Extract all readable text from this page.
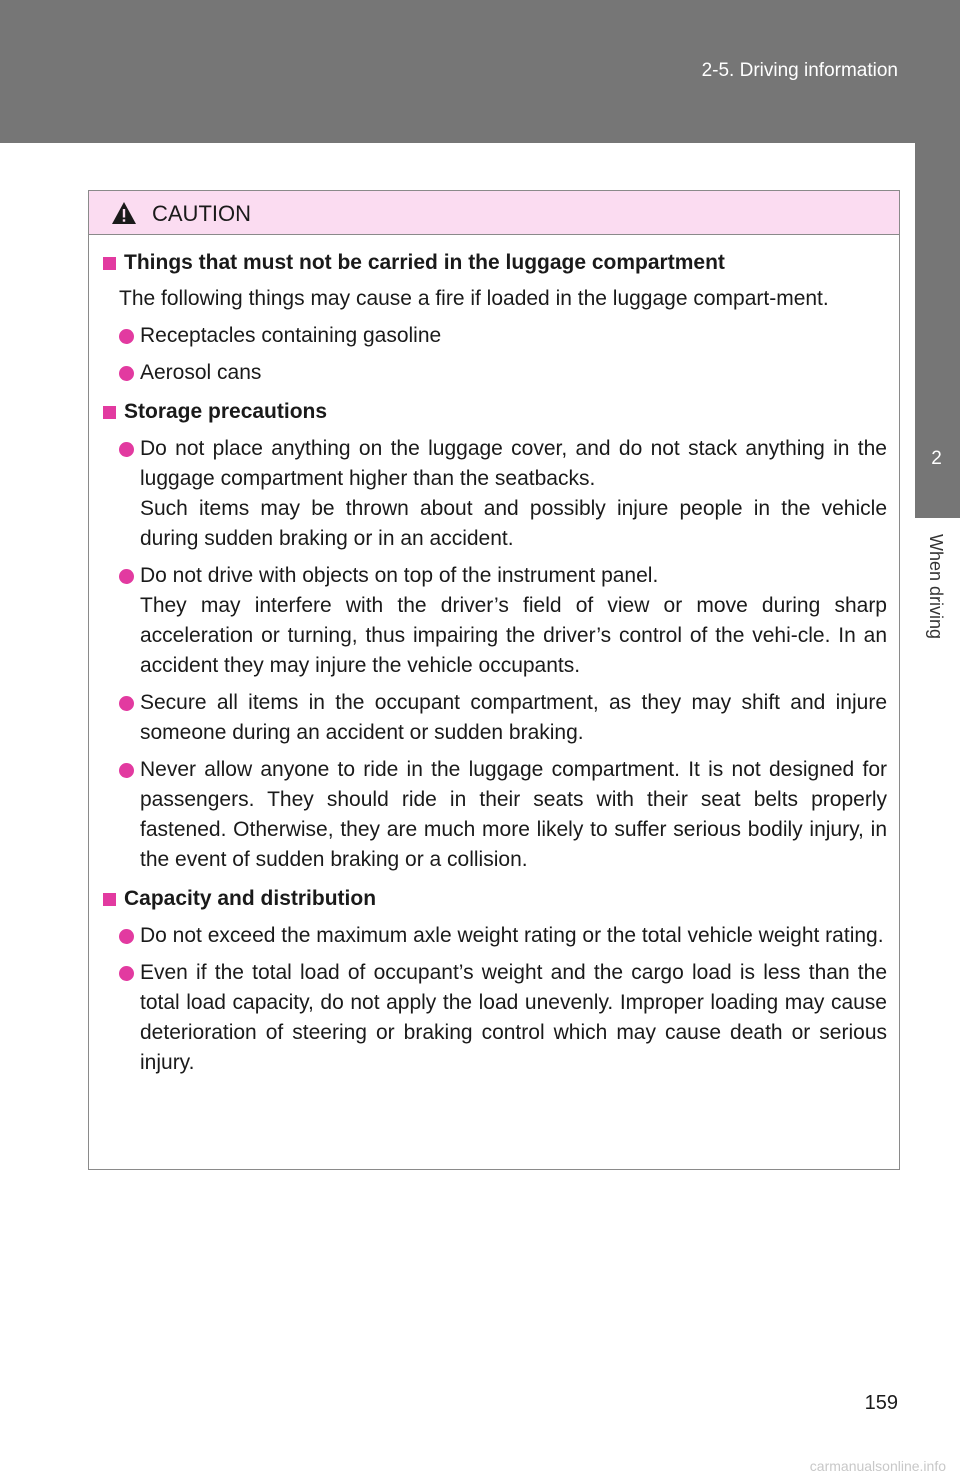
2-5. Driving information
2
When driving
CAUTION
Things that must not be carried in the luggage compartment
The following things may cause a fire if loaded in the luggage compart-ment.

Receptacles containing gasoline

Aerosol cans

Storage precautions

Do not place anything on the luggage cover, and do not stack anything in the luggage compartment higher than the seatbacks.

Such items may be thrown about and possibly injure people in the vehicle during sudden braking or in an accident.

Do not drive with objects on top of the instrument panel.

They may interfere with the driver’s field of view or move during sharp acceleration or turning, thus impairing the driver’s control of the vehi-cle. In an accident they may injure the vehicle occupants.

Secure all items in the occupant compartment, as they may shift and injure someone during an accident or sudden braking.

Never allow anyone to ride in the luggage compartment. It is not designed for passengers. They should ride in their seats with their seat belts properly fastened. Otherwise, they are much more likely to suffer serious bodily injury, in the event of sudden braking or a collision.

Capacity and distribution

Do not exceed the maximum axle weight rating or the total vehicle weight rating.

Even if the total load of occupant’s weight and the cargo load is less than the total load capacity, do not apply the load unevenly. Improper loading may cause deterioration of steering or braking control which may cause death or serious injury.

159
carmanualsonline.info
